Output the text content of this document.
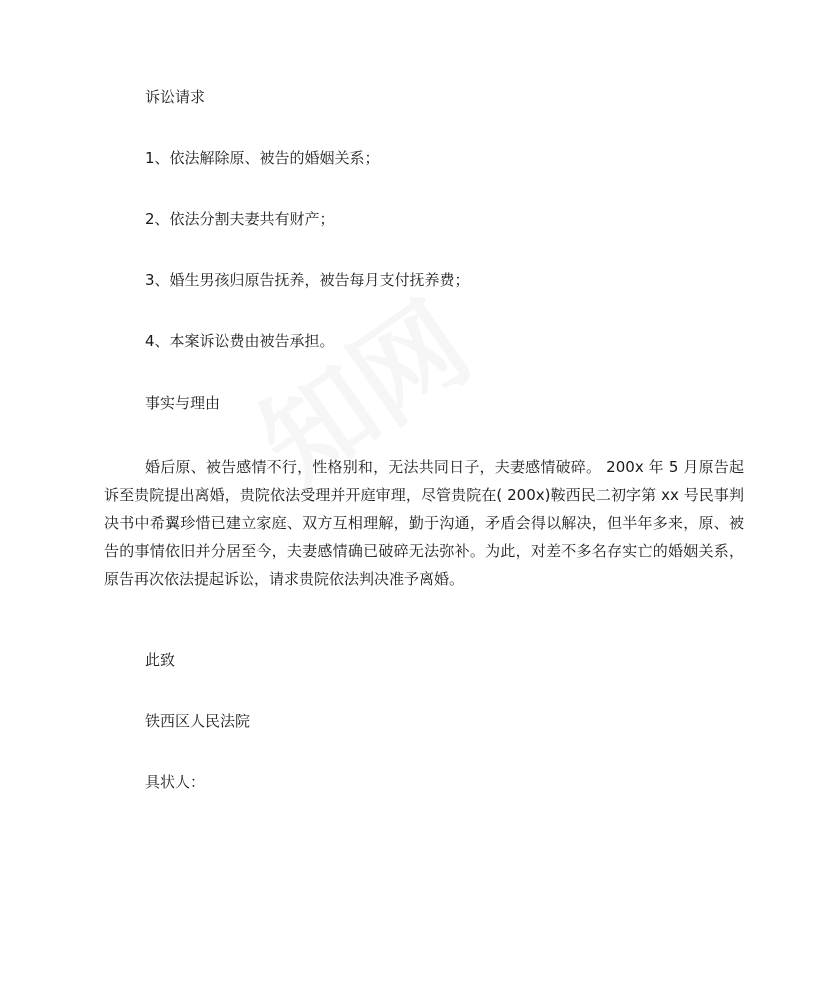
诉讼请求
1、依法解除原、被告的婚姻关系；
2、依法分割夫妻共有财产；
3、婚生男孩归原告抚养，被告每月支付抚养费；
4、本案诉讼费由被告承担。
事实与理由
婚后原、被告感情不行，性格别和，无法共同日子，夫妻感情破碎。 200x 年 5 月原告起诉至贵院提出离婚，贵院依法受理并开庭审理，尽管贵院在( 200x)鞍西民二初字第 xx 号民事判决书中希翼珍惜已建立家庭、双方互相理解，勤于沟通，矛盾会得以解决，但半年多来，原、被告的事情依旧并分居至今，夫妻感情确已破碎无法弥补。为此，对差不多名存实亡的婚姻关系，原告再次依法提起诉讼，请求贵院依法判决准予离婚。
此致
铁西区人民法院
具状人：
